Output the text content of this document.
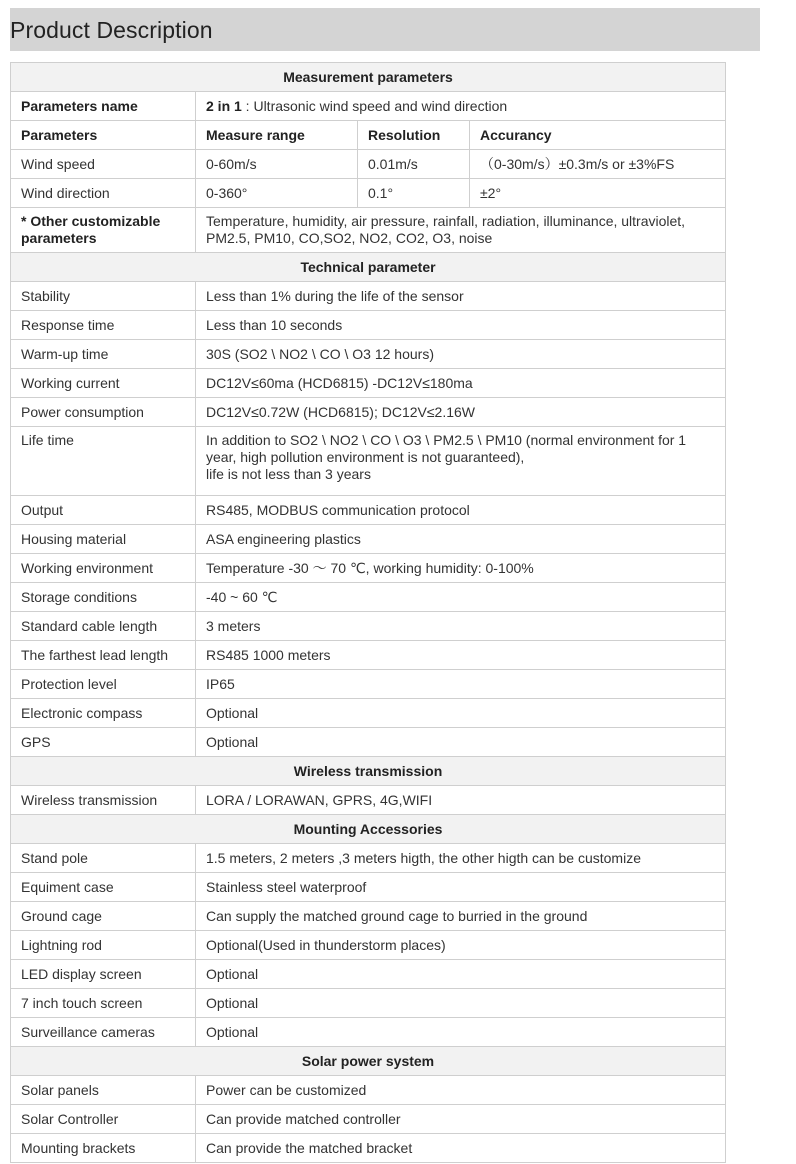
Product Description
Measurement parameters			
Parameters name	2 in 1 : Ultrasonic wind speed and wind direction		
Parameters	Measure range	Resolution	Accurancy
Wind speed	0-60m/s	0.01m/s	（0-30m/s）±0.3m/s or ±3%FS
Wind direction	0-360°	0.1°	±2°
* Other customizable parameters	Temperature, humidity, air pressure, rainfall, radiation, illuminance, ultraviolet, PM2.5, PM10, CO,SO2, NO2, CO2, O3, noise		
Technical parameter			
Stability	Less than 1% during the life of the sensor		
Response time	Less than 10 seconds		
Warm-up time	30S (SO2 \ NO2 \ CO \ O3 12 hours)		
Working current	DC12V≤60ma (HCD6815) -DC12V≤180ma		
Power consumption	DC12V≤0.72W (HCD6815); DC12V≤2.16W		
Life time	In addition to SO2 \ NO2 \ CO \ O3 \ PM2.5 \ PM10 (normal environment for 1 year, high pollution environment is not guaranteed),
life is not less than 3 years		

Output	RS485, MODBUS communication protocol		
Housing material	ASA engineering plastics		
Working environment	Temperature -30 ～ 70 ℃, working humidity: 0-100%		
Storage conditions	-40 ~ 60 ℃		
Standard cable length	3 meters		
The farthest lead length	RS485 1000 meters		
Protection level	IP65		
Electronic compass	Optional		
GPS	Optional		
Wireless transmission			
Wireless transmission	LORA / LORAWAN, GPRS, 4G,WIFI		
Mounting Accessories			
Stand pole	1.5 meters, 2 meters ,3 meters higth, the other higth can be customize		
Equiment case	Stainless steel waterproof		
Ground cage	Can supply the matched ground cage to burried in the ground		
Lightning rod	Optional(Used in thunderstorm places)		
LED display screen	Optional		
7 inch touch screen	Optional		
Surveillance cameras	Optional		
Solar power system			
Solar panels	Power can be customized		
Solar Controller	Can provide matched controller		
Mounting brackets	Can provide the matched bracket		
